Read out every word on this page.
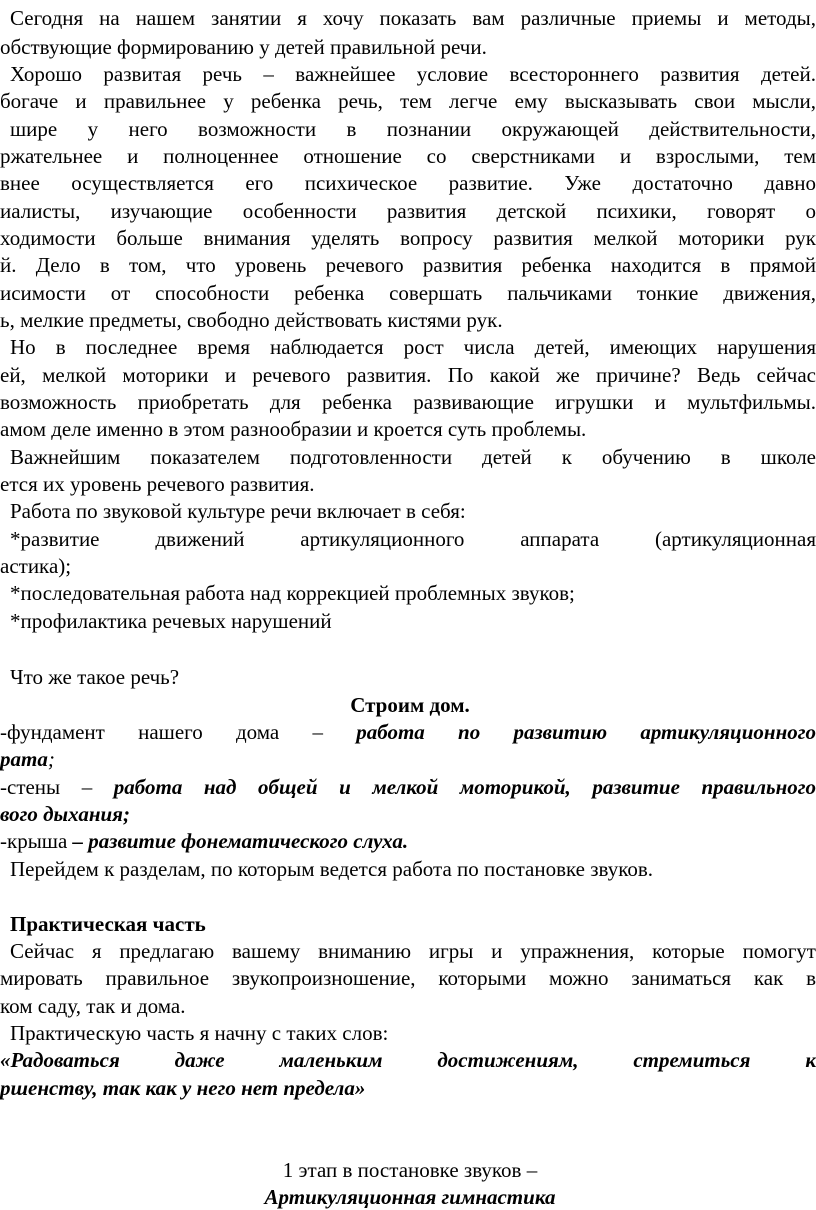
Сегодня на нашем занятии я хочу показать вам различные приемы и методы,
обствующие формированию у детей правильной речи.
Хорошо развитая речь – важнейшее условие всестороннего развития детей.
богаче и правильнее у ребенка речь, тем легче ему высказывать свои мысли,
шире у него возможности в познании окружающей действительности,
ржательнее и полноценнее отношение со сверстниками и взрослыми, тем
внее осуществляется его психическое развитие. Уже достаточно давно
иалисты, изучающие особенности развития детской психики, говорят о
ходимости больше внимания уделять вопросу развития мелкой моторики рук
й. Дело в том, что уровень речевого развития ребенка находится в прямой
исимости от способности ребенка совершать пальчиками тонкие движения,
ь, мелкие предметы, свободно действовать кистями рук.
Но в последнее время наблюдается рост числа детей, имеющих нарушения
ей, мелкой моторики и речевого развития. По какой же причине? Ведь сейчас
возможность приобретать для ребенка развивающие игрушки и мультфильмы.
амом деле именно в этом разнообразии и кроется суть проблемы.
Важнейшим показателем подготовленности детей к обучению в школе
ется их уровень речевого развития.
Работа по звуковой культуре речи включает в себя:
*развитие движений артикуляционного аппарата (артикуляционная
астика);
*последовательная работа над коррекцией проблемных звуков;
*профилактика речевых нарушений
Что же такое речь?
Строим дом.
-фундамент нашего дома – работа по развитию артикуляционного
рата;
-стены – работа над общей и мелкой моторикой, развитие правильного
вого дыхания;
-крыша – развитие фонематического слуха.
Перейдем к разделам, по которым ведется работа по постановке звуков.
Практическая часть
Сейчас я предлагаю вашему вниманию игры и упражнения, которые помогут
мировать правильное звукопроизношение, которыми можно заниматься как в
ком саду, так и дома.
Практическую часть я начну с таких слов:
«Радоваться даже маленьким достижениям, стремиться к
ршенству, так как у него нет предела»
1 этап в постановке звуков –
Артикуляционная гимнастика
